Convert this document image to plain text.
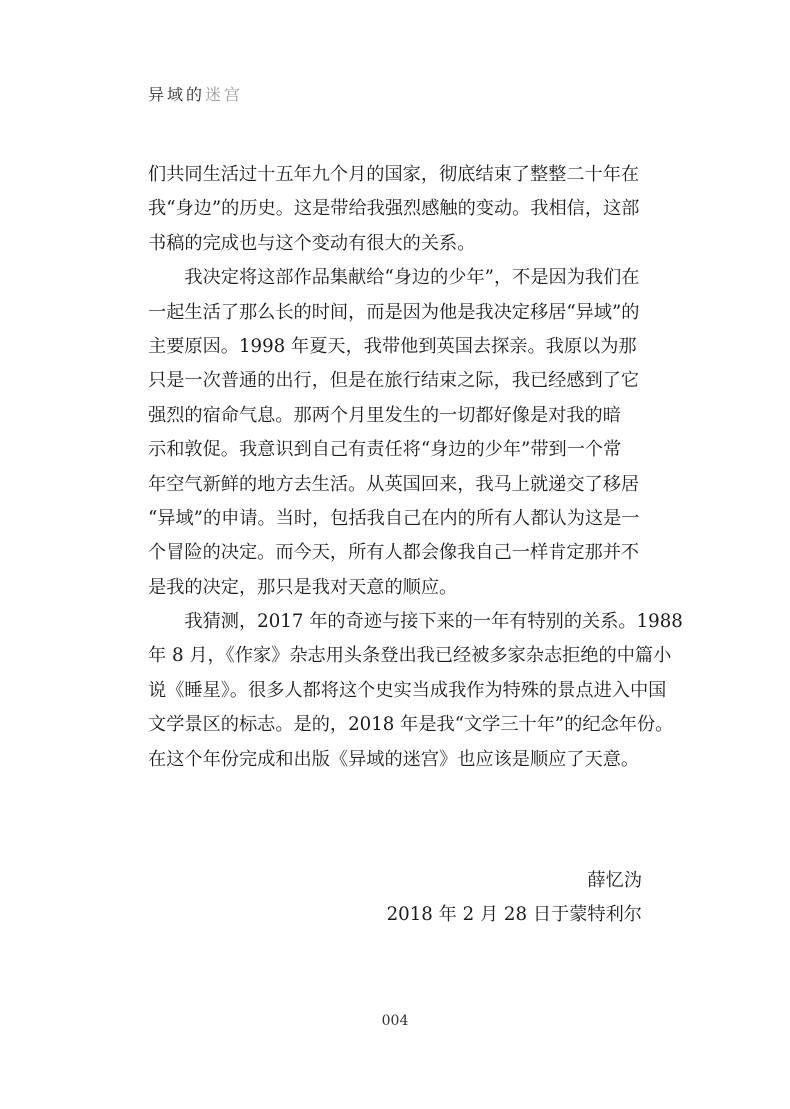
异域的迷宫
们共同生活过十五年九个月的国家，彻底结束了整整二十年在
我“身边”的历史。这是带给我强烈感触的变动。我相信，这部
书稿的完成也与这个变动有很大的关系。
　　我决定将这部作品集献给“身边的少年”，不是因为我们在
一起生活了那么长的时间，而是因为他是我决定移居“异域”的
主要原因。1998 年夏天，我带他到英国去探亲。我原以为那
只是一次普通的出行，但是在旅行结束之际，我已经感到了它
强烈的宿命气息。那两个月里发生的一切都好像是对我的暗
示和敦促。我意识到自己有责任将“身边的少年”带到一个常
年空气新鲜的地方去生活。从英国回来，我马上就递交了移居
“异域”的申请。当时，包括我自己在内的所有人都认为这是一
个冒险的决定。而今天，所有人都会像我自己一样肯定那并不
是我的决定，那只是我对天意的顺应。
　　我猜测，2017 年的奇迹与接下来的一年有特别的关系。1988
年 8 月，《作家》杂志用头条登出我已经被多家杂志拒绝的中篇小
说《睡星》。很多人都将这个史实当成我作为特殊的景点进入中国
文学景区的标志。是的，2018 年是我“文学三十年”的纪念年份。
在这个年份完成和出版《异域的迷宫》也应该是顺应了天意。
薛忆沩
2018 年 2 月 28 日于蒙特利尔
004
